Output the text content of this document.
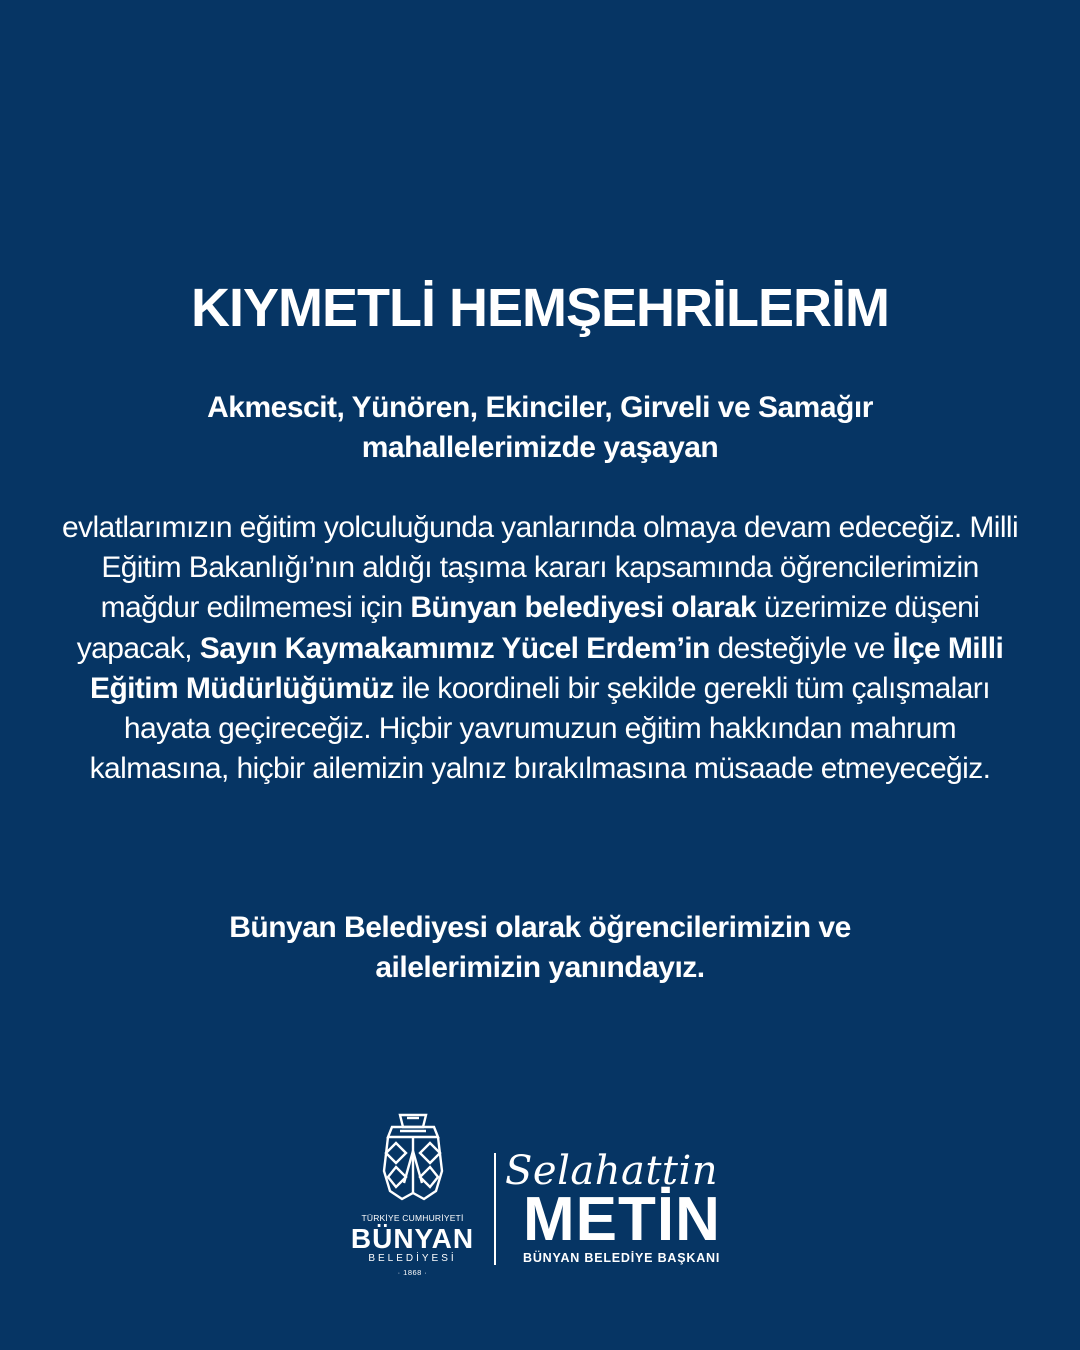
KIYMETLİ HEMŞEHRİLERİM

Akmescit, Yünören, Ekinciler, Girveli ve Samağır
mahallelerimizde yaşayan

evlatlarımızın eğitim yolculuğunda yanlarında olmaya devam edeceğiz. Milli Eğitim Bakanlığı’nın aldığı taşıma kararı kapsamında öğrencilerimizin mağdur edilmemesi için Bünyan belediyesi olarak üzerimize düşeni yapacak, Sayın Kaymakamımız Yücel Erdem’in desteğiyle ve İlçe Milli Eğitim Müdürlüğümüz ile koordineli bir şekilde gerekli tüm çalışmaları hayata geçireceğiz. Hiçbir yavrumuzun eğitim hakkından mahrum kalmasına, hiçbir ailemizin yalnız bırakılmasına müsaade etmeyeceğiz.

Bünyan Belediyesi olarak öğrencilerimizin ve
ailelerimizin yanındayız.

TÜRKİYE CUMHURİYETİ
BÜNYAN
BELEDİYESİ
· 1868 ·
Selahattin
METİN
BÜNYAN BELEDİYE BAŞKANI
